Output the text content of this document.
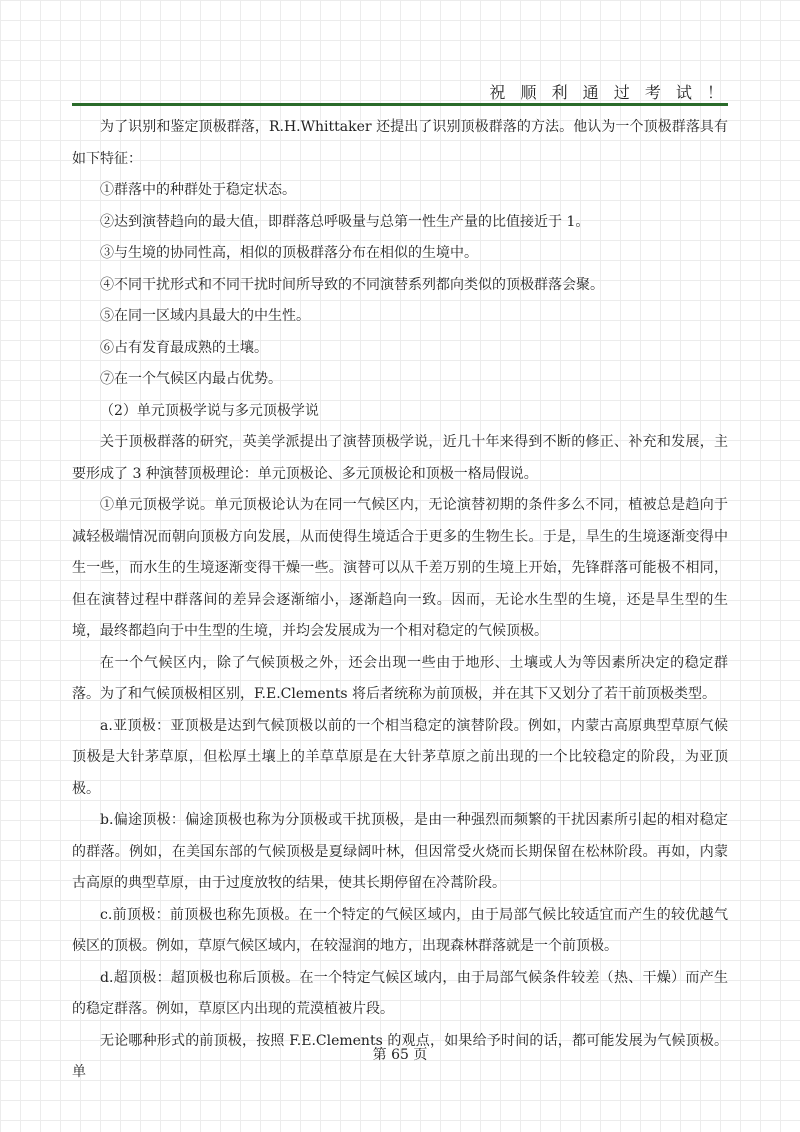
祝 顺 利 通 过 考 试 ！

为了识别和鉴定顶极群落，R.H.Whittaker 还提出了识别顶极群落的方法。他认为一个顶极群落具有如下特征：

①群落中的种群处于稳定状态。

②达到演替趋向的最大值，即群落总呼吸量与总第一性生产量的比值接近于 1。

③与生境的协同性高，相似的顶极群落分布在相似的生境中。

④不同干扰形式和不同干扰时间所导致的不同演替系列都向类似的顶极群落会聚。

⑤在同一区域内具最大的中生性。

⑥占有发育最成熟的土壤。

⑦在一个气候区内最占优势。

（2）单元顶极学说与多元顶极学说

关于顶极群落的研究，英美学派提出了演替顶极学说，近几十年来得到不断的修正、补充和发展，主要形成了 3 种演替顶极理论：单元顶极论、多元顶极论和顶极一格局假说。

①单元顶极学说。单元顶极论认为在同一气候区内，无论演替初期的条件多么不同，植被总是趋向于减轻极端情况而朝向顶极方向发展，从而使得生境适合于更多的生物生长。于是，旱生的生境逐渐变得中生一些，而水生的生境逐渐变得干燥一些。演替可以从千差万别的生境上开始，先锋群落可能极不相同，但在演替过程中群落间的差异会逐渐缩小，逐渐趋向一致。因而，无论水生型的生境，还是旱生型的生境，最终都趋向于中生型的生境，并均会发展成为一个相对稳定的气候顶极。

在一个气候区内，除了气候顶极之外，还会出现一些由于地形、土壤或人为等因素所决定的稳定群落。为了和气候顶极相区别，F.E.Clements 将后者统称为前顶极，并在其下又划分了若干前顶极类型。

a.亚顶极：亚顶极是达到气候顶极以前的一个相当稳定的演替阶段。例如，内蒙古高原典型草原气候顶极是大针茅草原，但松厚土壤上的羊草草原是在大针茅草原之前出现的一个比较稳定的阶段，为亚顶极。

b.偏途顶极：偏途顶极也称为分顶极或干扰顶极，是由一种强烈而频繁的干扰因素所引起的相对稳定的群落。例如，在美国东部的气候顶极是夏绿阔叶林，但因常受火烧而长期保留在松林阶段。再如，内蒙古高原的典型草原，由于过度放牧的结果，使其长期停留在冷蒿阶段。

c.前顶极：前顶极也称先顶极。在一个特定的气候区域内，由于局部气候比较适宜而产生的较优越气候区的顶极。例如，草原气候区域内，在较湿润的地方，出现森林群落就是一个前顶极。

d.超顶极：超顶极也称后顶极。在一个特定气候区域内，由于局部气候条件较差（热、干燥）而产生的稳定群落。例如，草原区内出现的荒漠植被片段。

无论哪种形式的前顶极，按照 F.E.Clements 的观点，如果给予时间的话，都可能发展为气候顶极。单

第 65 页
